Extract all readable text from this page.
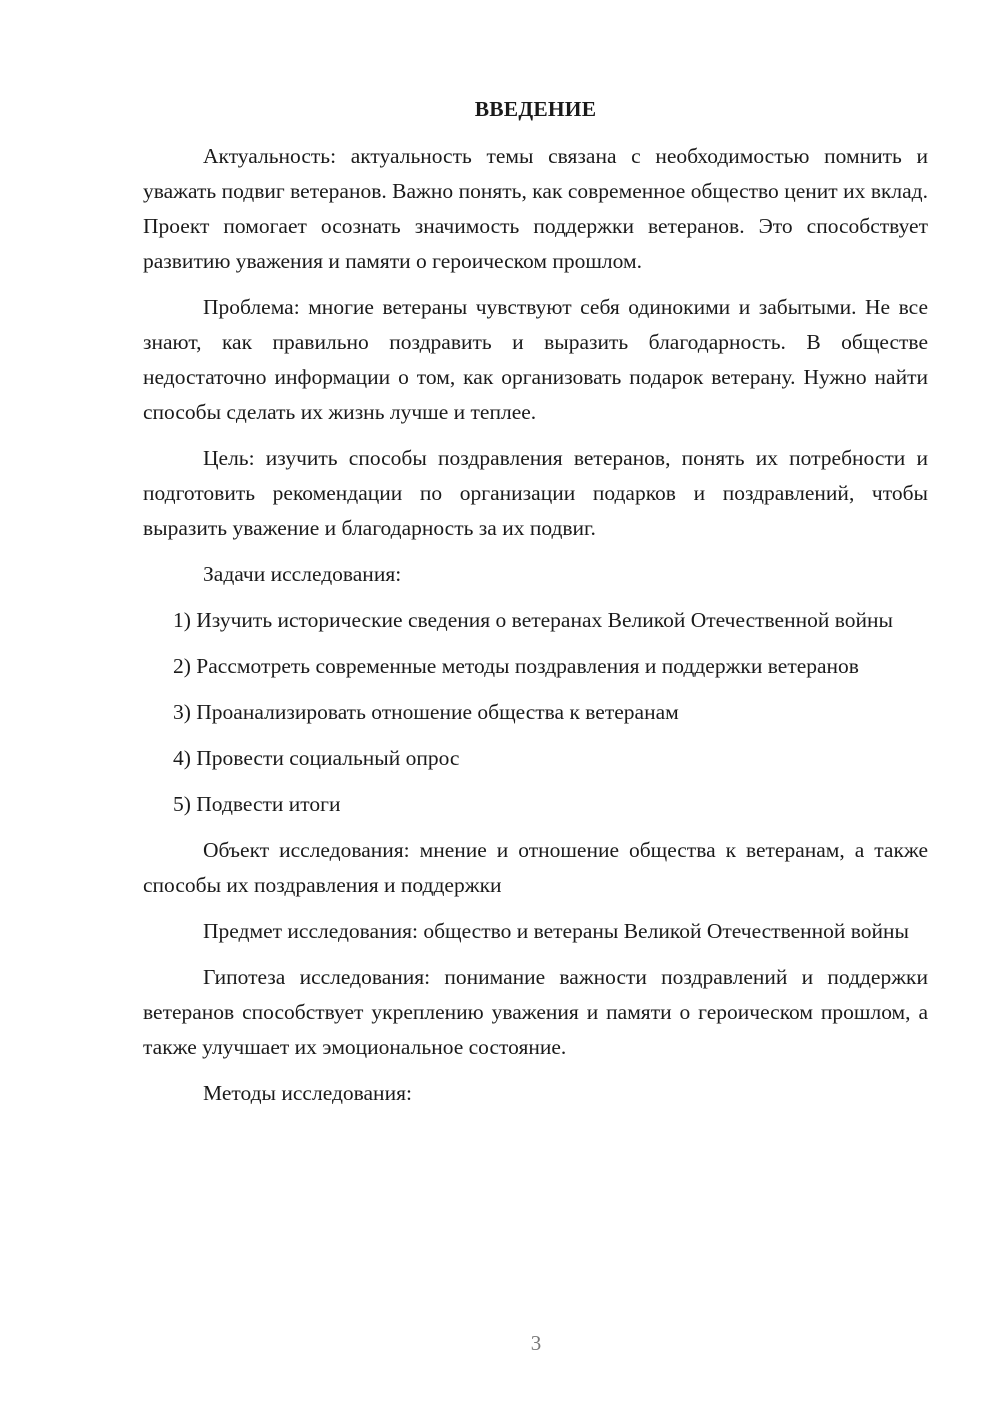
ВВЕДЕНИЕ

Актуальность: актуальность темы связана с необходимостью помнить и уважать подвиг ветеранов. Важно понять, как современное общество ценит их вклад. Проект помогает осознать значимость поддержки ветеранов. Это способствует развитию уважения и памяти о героическом прошлом.

Проблема: многие ветераны чувствуют себя одинокими и забытыми. Не все знают, как правильно поздравить и выразить благодарность. В обществе недостаточно информации о том, как организовать подарок ветерану. Нужно найти способы сделать их жизнь лучше и теплее.

Цель: изучить способы поздравления ветеранов, понять их потребности и подготовить рекомендации по организации подарков и поздравлений, чтобы выразить уважение и благодарность за их подвиг.

Задачи исследования:

1) Изучить исторические сведения о ветеранах Великой Отечественной войны

2) Рассмотреть современные методы поздравления и поддержки ветеранов

3) Проанализировать отношение общества к ветеранам

4) Провести социальный опрос

5) Подвести итоги

Объект исследования: мнение и отношение общества к ветеранам, а также способы их поздравления и поддержки

Предмет исследования: общество и ветераны Великой Отечественной войны

Гипотеза исследования: понимание важности поздравлений и поддержки ветеранов способствует укреплению уважения и памяти о героическом прошлом, а также улучшает их эмоциональное состояние.

Методы исследования:

3
